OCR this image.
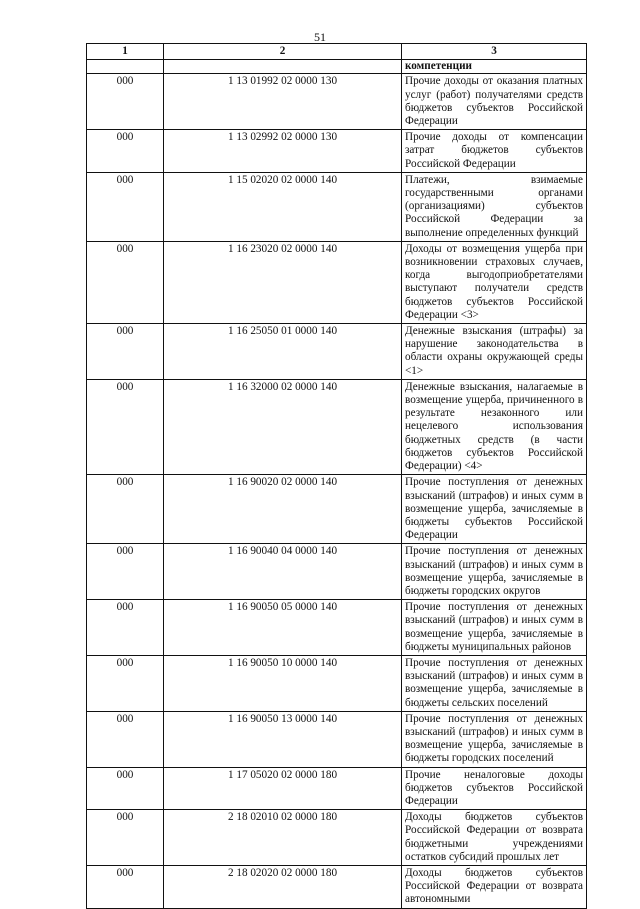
51
1	2	3
		компетенции
000	1 13 01992 02 0000 130	Прочие доходы от оказания платных услуг (работ) получателями средств бюджетов субъектов Российской Федерации
000	1 13 02992 02 0000 130	Прочие доходы от компенсации затрат бюджетов субъектов Российской Федерации
000	1 15 02020 02 0000 140	Платежи, взимаемые государственными органами (организациями) субъектов Российской Федерации за выполнение определенных функций
000	1 16 23020 02 0000 140	Доходы от возмещения ущерба при возникновении страховых случаев, когда выгодоприобретателями выступают получатели средств бюджетов субъектов Российской Федерации <3>
000	1 16 25050 01 0000 140	Денежные взыскания (штрафы) за нарушение законодательства в области охраны окружающей среды <1>
000	1 16 32000 02 0000 140	Денежные взыскания, налагаемые в возмещение ущерба, причиненного в результате незаконного или нецелевого использования бюджетных средств (в части бюджетов субъектов Российской Федерации) <4>
000	1 16 90020 02 0000 140	Прочие поступления от денежных взысканий (штрафов) и иных сумм в возмещение ущерба, зачисляемые в бюджеты субъектов Российской Федерации
000	1 16 90040 04 0000 140	Прочие поступления от денежных взысканий (штрафов) и иных сумм в возмещение ущерба, зачисляемые в бюджеты городских округов
000	1 16 90050 05 0000 140	Прочие поступления от денежных взысканий (штрафов) и иных сумм в возмещение ущерба, зачисляемые в бюджеты муниципальных районов
000	1 16 90050 10 0000 140	Прочие поступления от денежных взысканий (штрафов) и иных сумм в возмещение ущерба, зачисляемые в бюджеты сельских поселений
000	1 16 90050 13 0000 140	Прочие поступления от денежных взысканий (штрафов) и иных сумм в возмещение ущерба, зачисляемые в бюджеты городских поселений
000	1 17 05020 02 0000 180	Прочие неналоговые доходы бюджетов субъектов Российской Федерации
000	2 18 02010 02 0000 180	Доходы бюджетов субъектов Российской Федерации от возврата бюджетными учреждениями остатков субсидий прошлых лет
000	2 18 02020 02 0000 180	Доходы бюджетов субъектов Российской Федерации от возврата автономными
